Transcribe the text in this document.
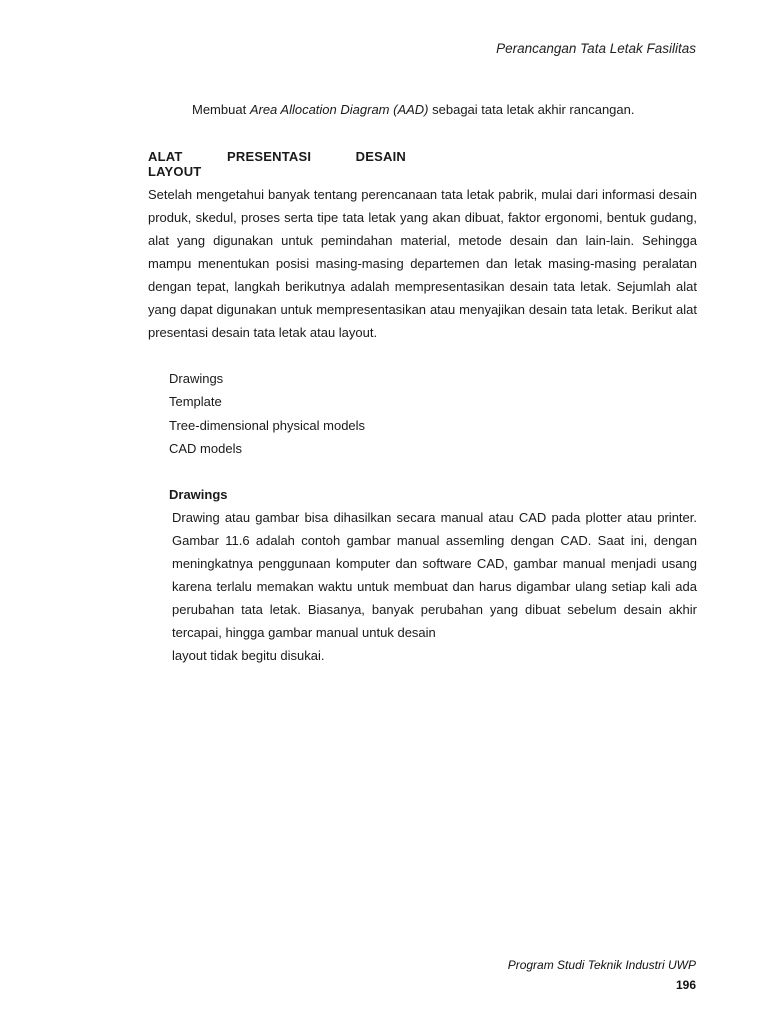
Perancangan Tata Letak Fasilitas
Membuat Area Allocation Diagram (AAD) sebagai tata letak akhir rancangan.
ALAT	PRESENTASI	DESAIN
LAYOUT
Setelah mengetahui banyak tentang perencanaan tata letak pabrik, mulai dari informasi desain produk, skedul, proses serta tipe tata letak yang akan dibuat, faktor ergonomi, bentuk gudang, alat yang digunakan untuk pemindahan material, metode desain dan lain-lain. Sehingga mampu menentukan posisi masing-masing departemen dan letak masing-masing peralatan dengan tepat, langkah berikutnya adalah mempresentasikan desain tata letak. Sejumlah alat yang dapat digunakan untuk mempresentasikan atau menyajikan desain tata letak. Berikut alat presentasi desain tata letak atau layout.
Drawings
Template
Tree-dimensional physical models
CAD models
Drawings
Drawing atau gambar bisa dihasilkan secara manual atau CAD pada plotter atau printer. Gambar 11.6 adalah contoh gambar manual assemling dengan CAD. Saat ini, dengan meningkatnya penggunaan komputer dan software CAD, gambar manual menjadi usang karena terlalu memakan waktu untuk membuat dan harus digambar ulang setiap kali ada perubahan tata letak. Biasanya, banyak perubahan yang dibuat sebelum desain akhir tercapai, hingga gambar manual untuk desain
layout tidak begitu disukai.
Program Studi Teknik Industri UWP
196
